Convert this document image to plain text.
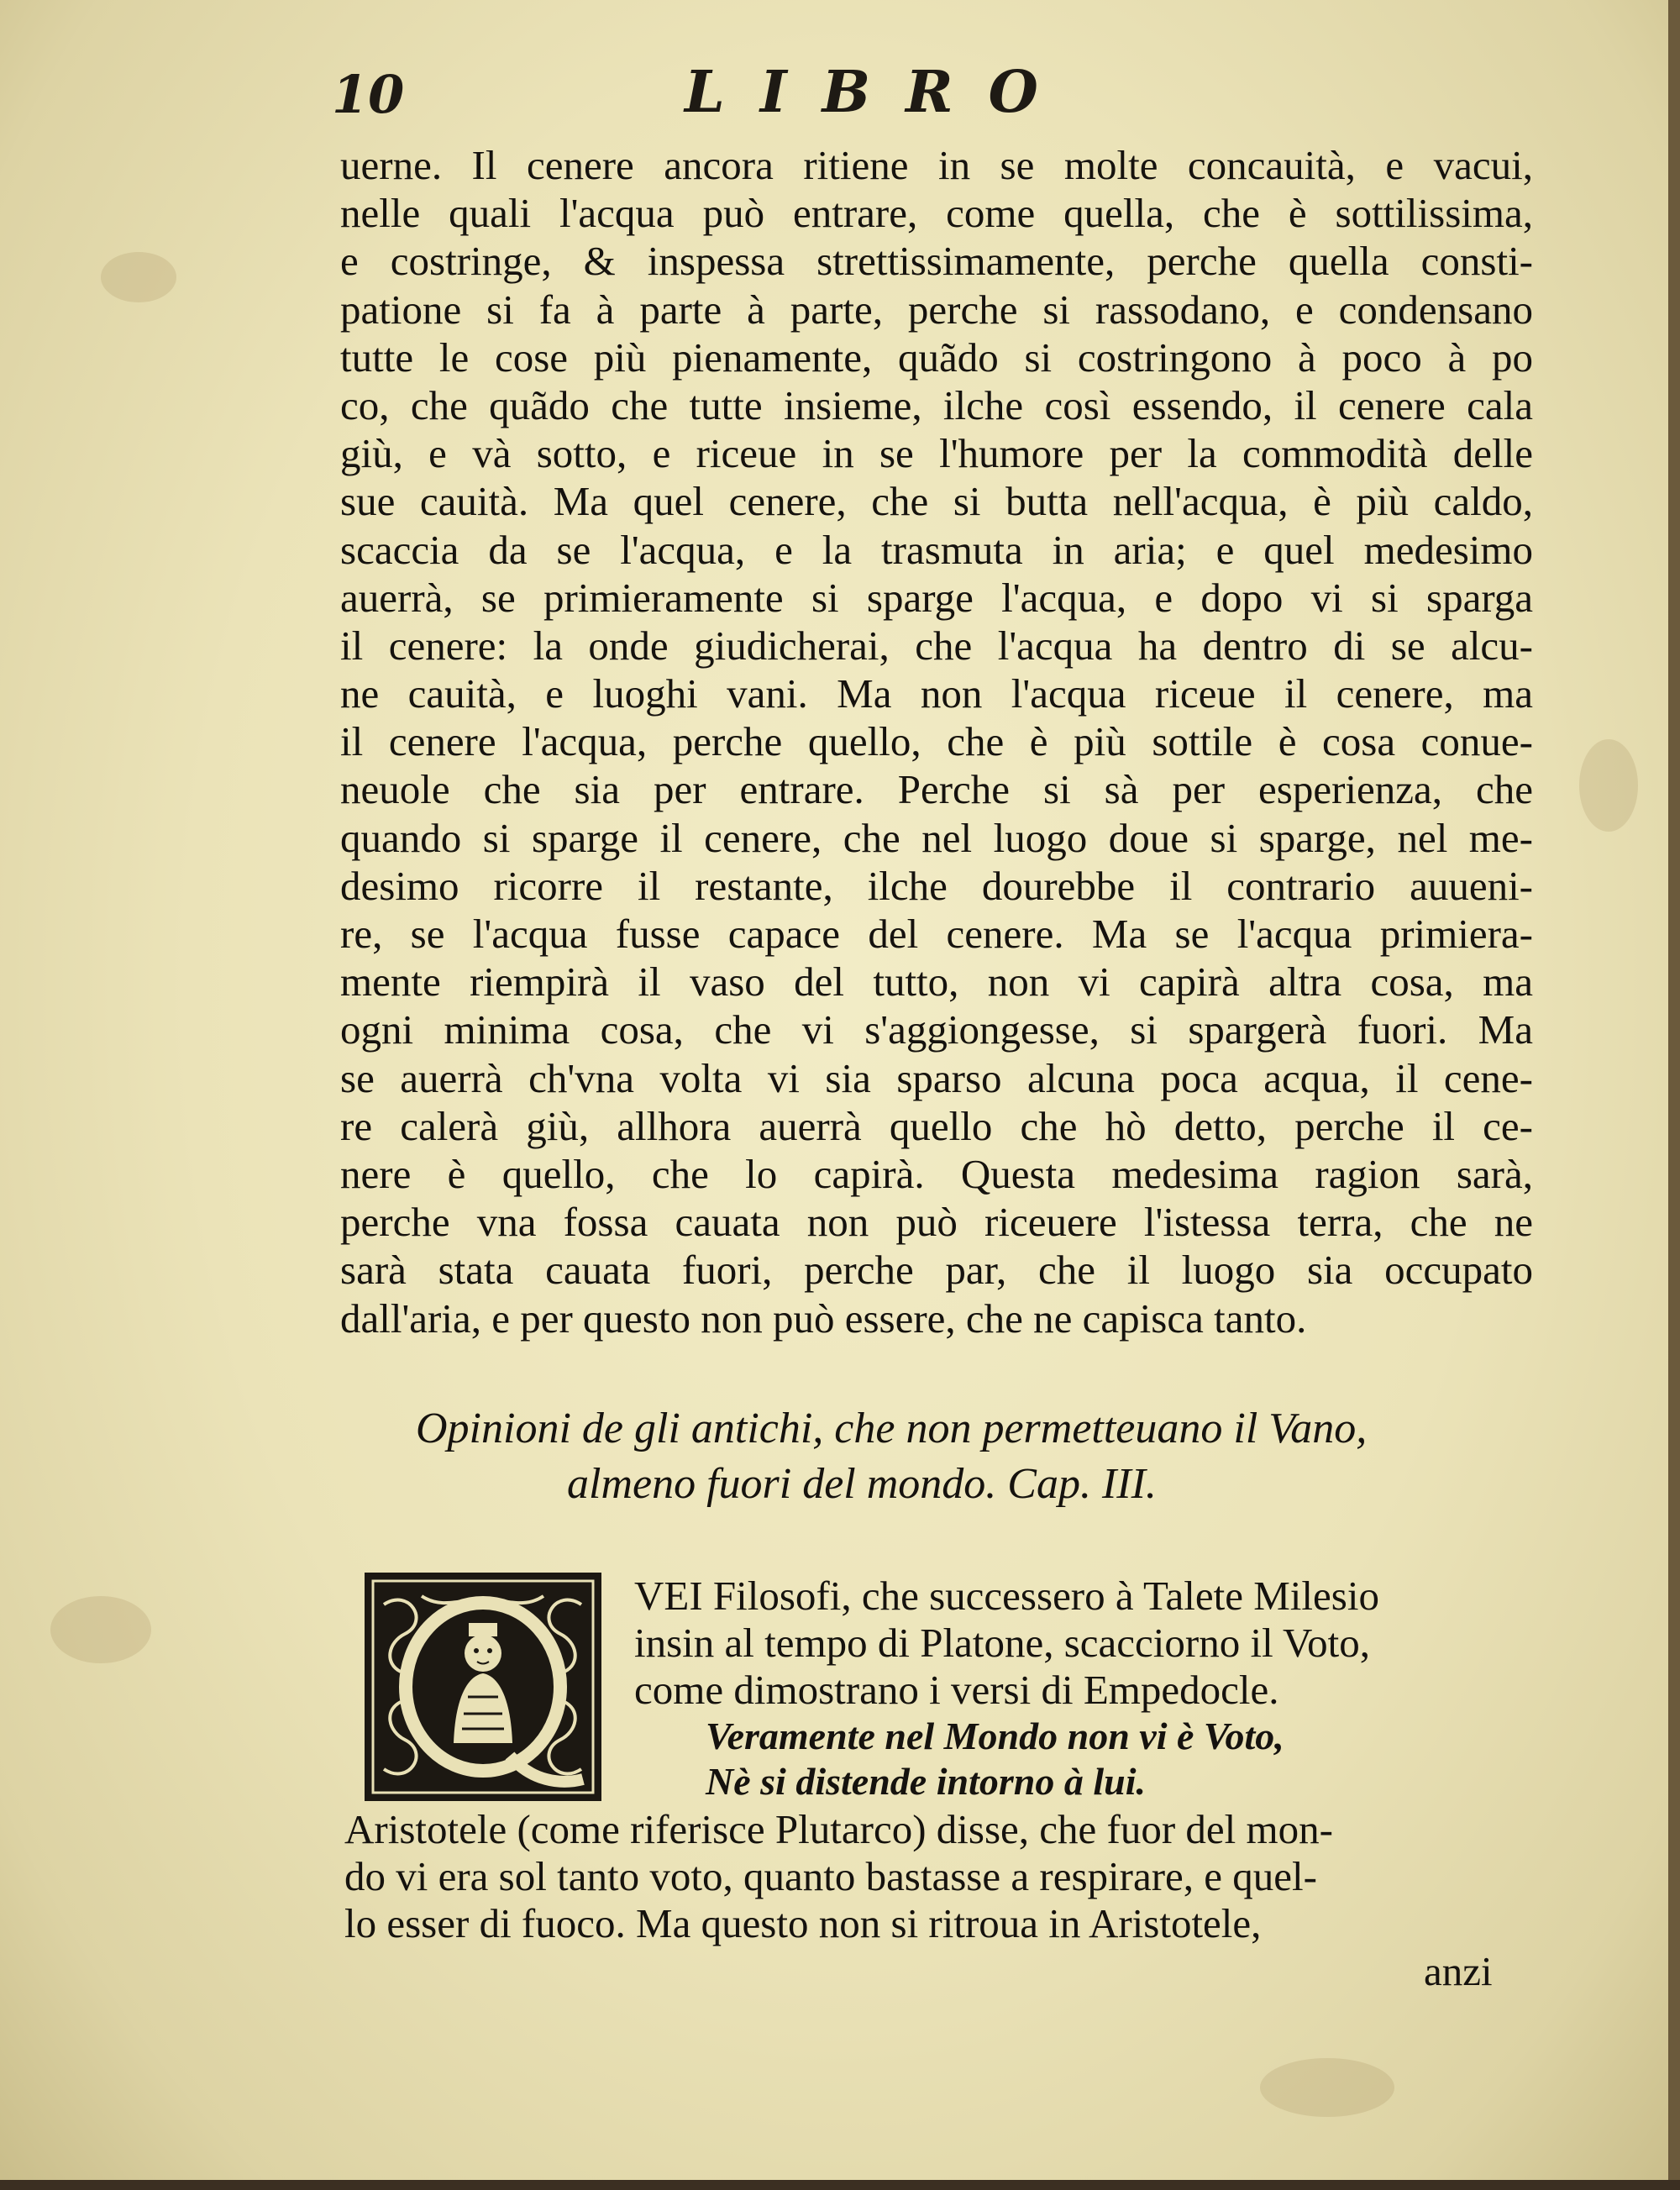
10	LIBRO
uerne. Il cenere ancora ritiene in se molte concauità, e vacui,
nelle quali l'acqua può entrare, come quella, che è sottilissima,
e costringe, & inspessa strettissimamente, perche quella consti-
patione si fa à parte à parte, perche si rassodano, e condensano
tutte le cose più pienamente, quãdo si costringono à poco à po
co, che quãdo che tutte insieme, ilche così essendo, il cenere cala
giù, e và sotto, e riceue in se l'humore per la commodità delle
sue cauità. Ma quel cenere, che si butta nell'acqua, è più caldo,
scaccia da se l'acqua, e la trasmuta in aria; e quel medesimo
auerrà, se primieramente si sparge l'acqua, e dopo vi si sparga
il cenere: la onde giudicherai, che l'acqua ha dentro di se alcu-
ne cauità, e luoghi vani. Ma non l'acqua riceue il cenere, ma
il cenere l'acqua, perche quello, che è più sottile è cosa conue-
neuole che sia per entrare. Perche si sà per esperienza, che
quando si sparge il cenere, che nel luogo doue si sparge, nel me-
desimo ricorre il restante, ilche dourebbe il contrario auueni-
re, se l'acqua fusse capace del cenere. Ma se l'acqua primiera-
mente riempirà il vaso del tutto, non vi capirà altra cosa, ma
ogni minima cosa, che vi s'aggiongesse, si spargerà fuori. Ma
se auerrà ch'vna volta vi sia sparso alcuna poca acqua, il cene-
re calerà giù, allhora auerrà quello che hò detto, perche il ce-
nere è quello, che lo capirà. Questa medesima ragion sarà,
perche vna fossa cauata non può riceuere l'istessa terra, che ne
sarà stata cauata fuori, perche par, che il luogo sia occupato
dall'aria, e per questo non può essere, che ne capisca tanto.
Opinioni de gli antichi, che non permetteuano il Vano,
almeno fuori del mondo. Cap. III.
VEI Filosofi, che successero à Talete Milesio
insin al tempo di Platone, scacciorno il Voto,
come dimostrano i versi di Empedocle.
Veramente nel Mondo non vi è Voto,
Nè si distende intorno à lui.
Aristotele (come riferisce Plutarco) disse, che fuor del mon-
do vi era sol tanto voto, quanto bastasse a respirare, e quel-
lo esser di fuoco. Ma questo non si ritroua in Aristotele,
anzi
